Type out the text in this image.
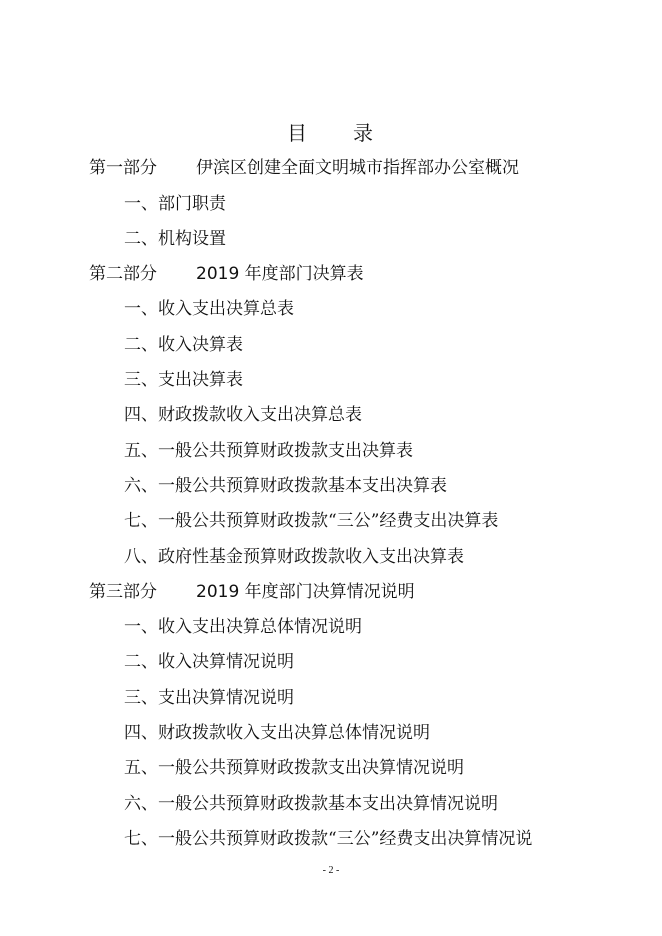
目 录
第一部分 伊滨区创建全面文明城市指挥部办公室概况
一、部门职责
二、机构设置
第二部分 2019 年度部门决算表
一、收入支出决算总表
二、收入决算表
三、支出决算表
四、财政拨款收入支出决算总表
五、一般公共预算财政拨款支出决算表
六、一般公共预算财政拨款基本支出决算表
七、一般公共预算财政拨款“三公”经费支出决算表
八、政府性基金预算财政拨款收入支出决算表
第三部分 2019 年度部门决算情况说明
一、收入支出决算总体情况说明
二、收入决算情况说明
三、支出决算情况说明
四、财政拨款收入支出决算总体情况说明
五、一般公共预算财政拨款支出决算情况说明
六、一般公共预算财政拨款基本支出决算情况说明
七、一般公共预算财政拨款“三公”经费支出决算情况说
- 2 -
